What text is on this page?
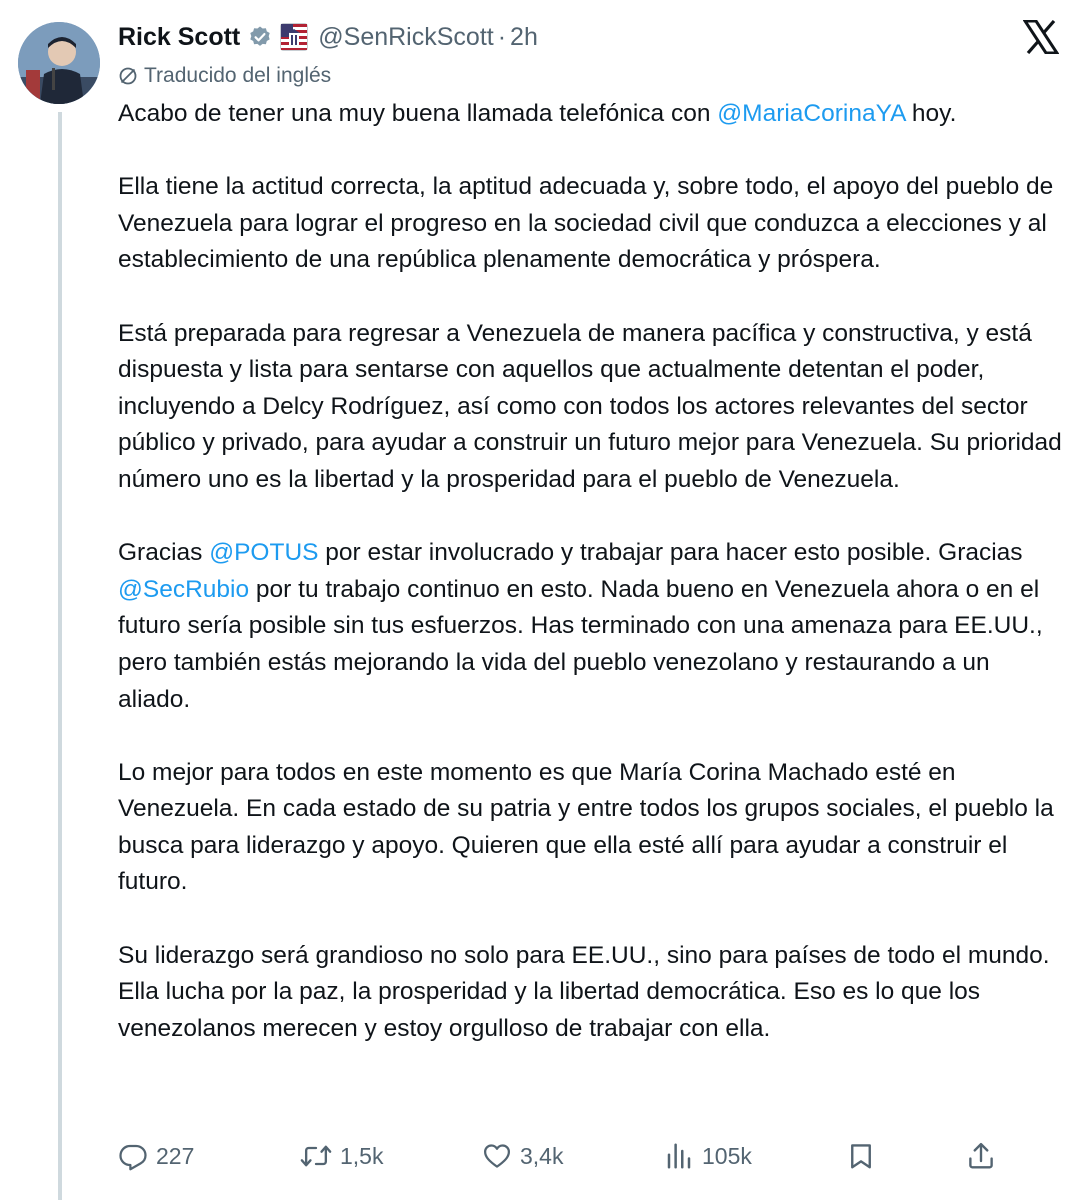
Rick Scott	@SenRickScott · 2h
Traducido del inglés

Acabo de tener una muy buena llamada telefónica con @MariaCorinaYA hoy.

Ella tiene la actitud correcta, la aptitud adecuada y, sobre todo, el apoyo del pueblo de Venezuela para lograr el progreso en la sociedad civil que conduzca a elecciones y al establecimiento de una república plenamente democrática y próspera.

Está preparada para regresar a Venezuela de manera pacífica y constructiva, y está dispuesta y lista para sentarse con aquellos que actualmente detentan el poder, incluyendo a Delcy Rodríguez, así como con todos los actores relevantes del sector público y privado, para ayudar a construir un futuro mejor para Venezuela. Su prioridad número uno es la libertad y la prosperidad para el pueblo de Venezuela.

Gracias @POTUS por estar involucrado y trabajar para hacer esto posible. Gracias @SecRubio por tu trabajo continuo en esto. Nada bueno en Venezuela ahora o en el futuro sería posible sin tus esfuerzos. Has terminado con una amenaza para EE.UU., pero también estás mejorando la vida del pueblo venezolano y restaurando a un aliado.

Lo mejor para todos en este momento es que María Corina Machado esté en Venezuela. En cada estado de su patria y entre todos los grupos sociales, el pueblo la busca para liderazgo y apoyo. Quieren que ella esté allí para ayudar a construir el futuro.

Su liderazgo será grandioso no solo para EE.UU., sino para países de todo el mundo. Ella lucha por la paz, la prosperidad y la libertad democrática. Eso es lo que los venezolanos merecen y estoy orgulloso de trabajar con ella.

227	1,5k	3,4k	105k
